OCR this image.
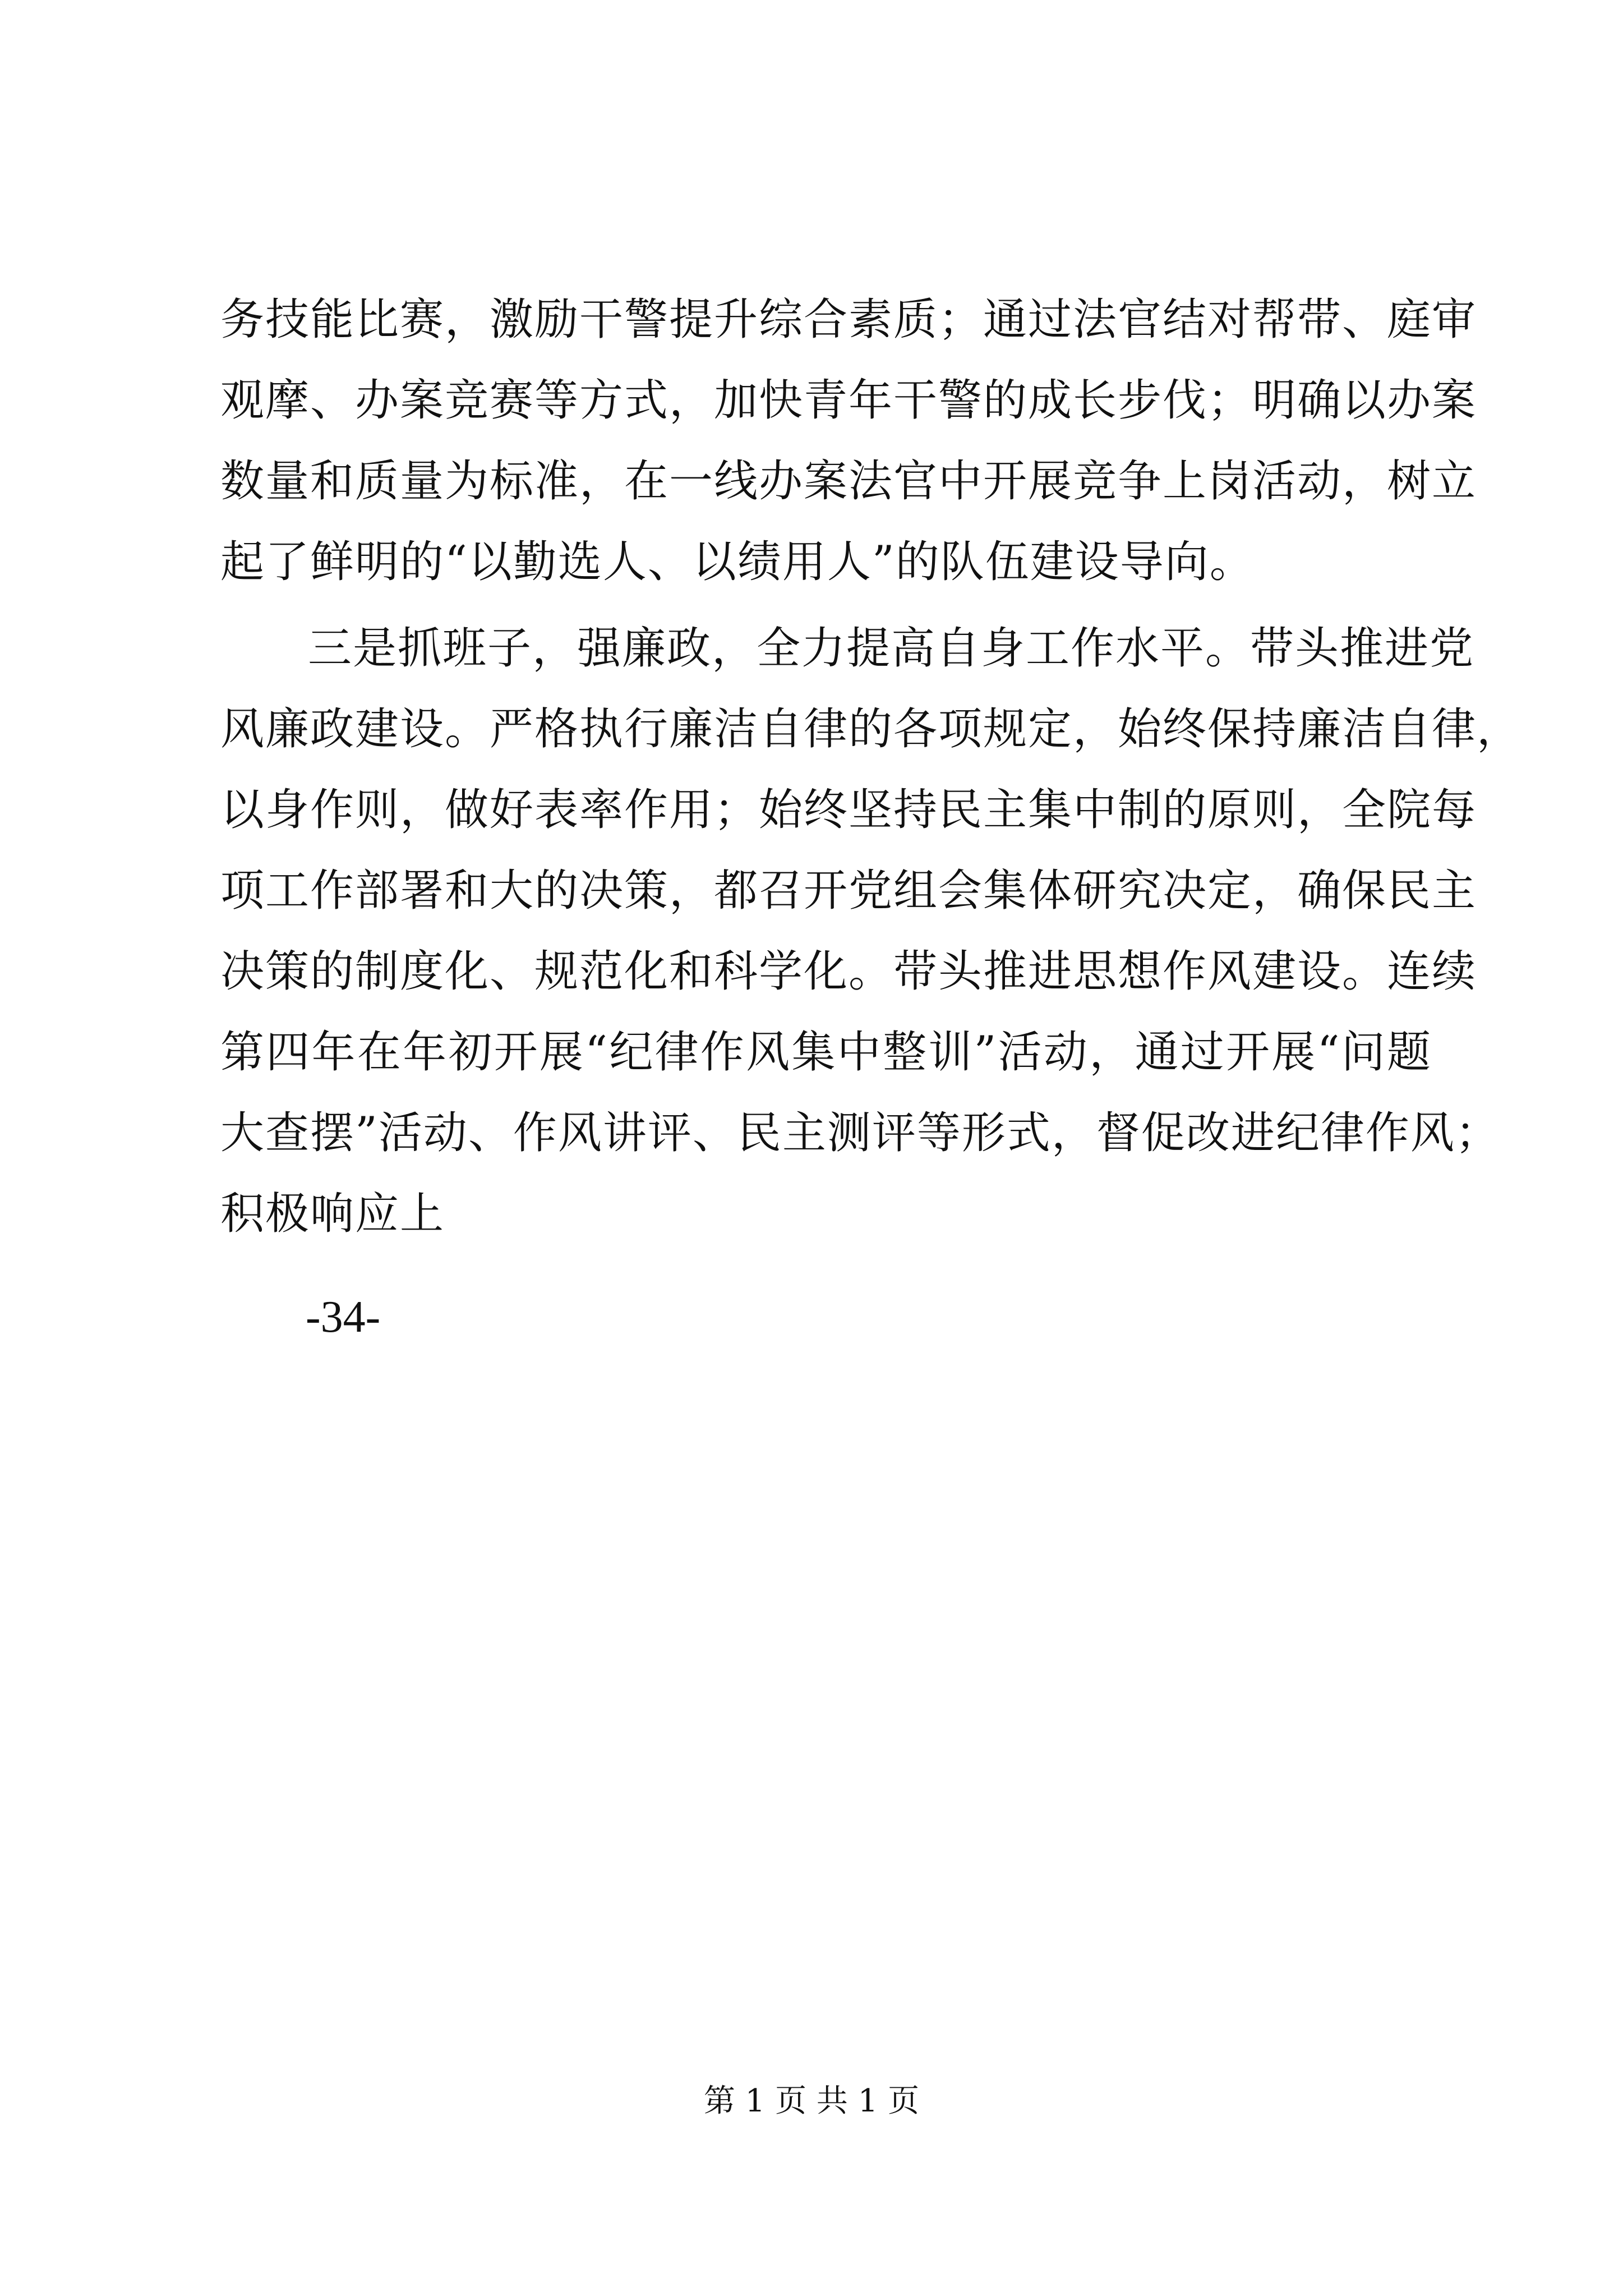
务技能比赛，激励干警提升综合素质；通过法官结对帮带、庭审
观摩、办案竞赛等方式，加快青年干警的成长步伐；明确以办案
数量和质量为标准，在一线办案法官中开展竞争上岗活动，树立
起了鲜明的“以勤选人、以绩用人”的队伍建设导向。
三是抓班子，强廉政，全力提高自身工作水平。带头推进党
风廉政建设。严格执行廉洁自律的各项规定，始终保持廉洁自律，
以身作则，做好表率作用；始终坚持民主集中制的原则，全院每
项工作部署和大的决策，都召开党组会集体研究决定，确保民主
决策的制度化、规范化和科学化。带头推进思想作风建设。连续
第四年在年初开展“纪律作风集中整训”活动，通过开展“问题
大查摆”活动、作风讲评、民主测评等形式，督促改进纪律作风；
积极响应上
-34-
第 1 页 共 1 页
